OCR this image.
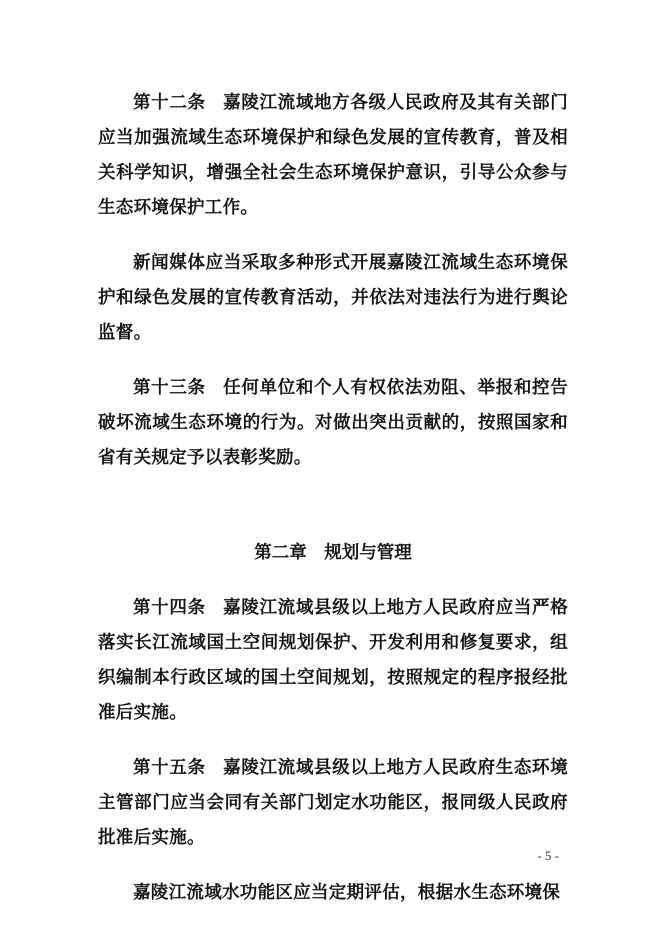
第十二条 嘉陵江流域地方各级人民政府及其有关部门应当加强流域生态环境保护和绿色发展的宣传教育，普及相关科学知识，增强全社会生态环境保护意识，引导公众参与生态环境保护工作。

新闻媒体应当采取多种形式开展嘉陵江流域生态环境保护和绿色发展的宣传教育活动，并依法对违法行为进行舆论监督。

第十三条 任何单位和个人有权依法劝阻、举报和控告破坏流域生态环境的行为。对做出突出贡献的，按照国家和省有关规定予以表彰奖励。

第二章 规划与管理

第十四条 嘉陵江流域县级以上地方人民政府应当严格落实长江流域国土空间规划保护、开发利用和修复要求，组织编制本行政区域的国土空间规划，按照规定的程序报经批准后实施。

第十五条 嘉陵江流域县级以上地方人民政府生态环境主管部门应当会同有关部门划定水功能区，报同级人民政府批准后实施。

嘉陵江流域水功能区应当定期评估，根据水生态环境保

- 5 -
